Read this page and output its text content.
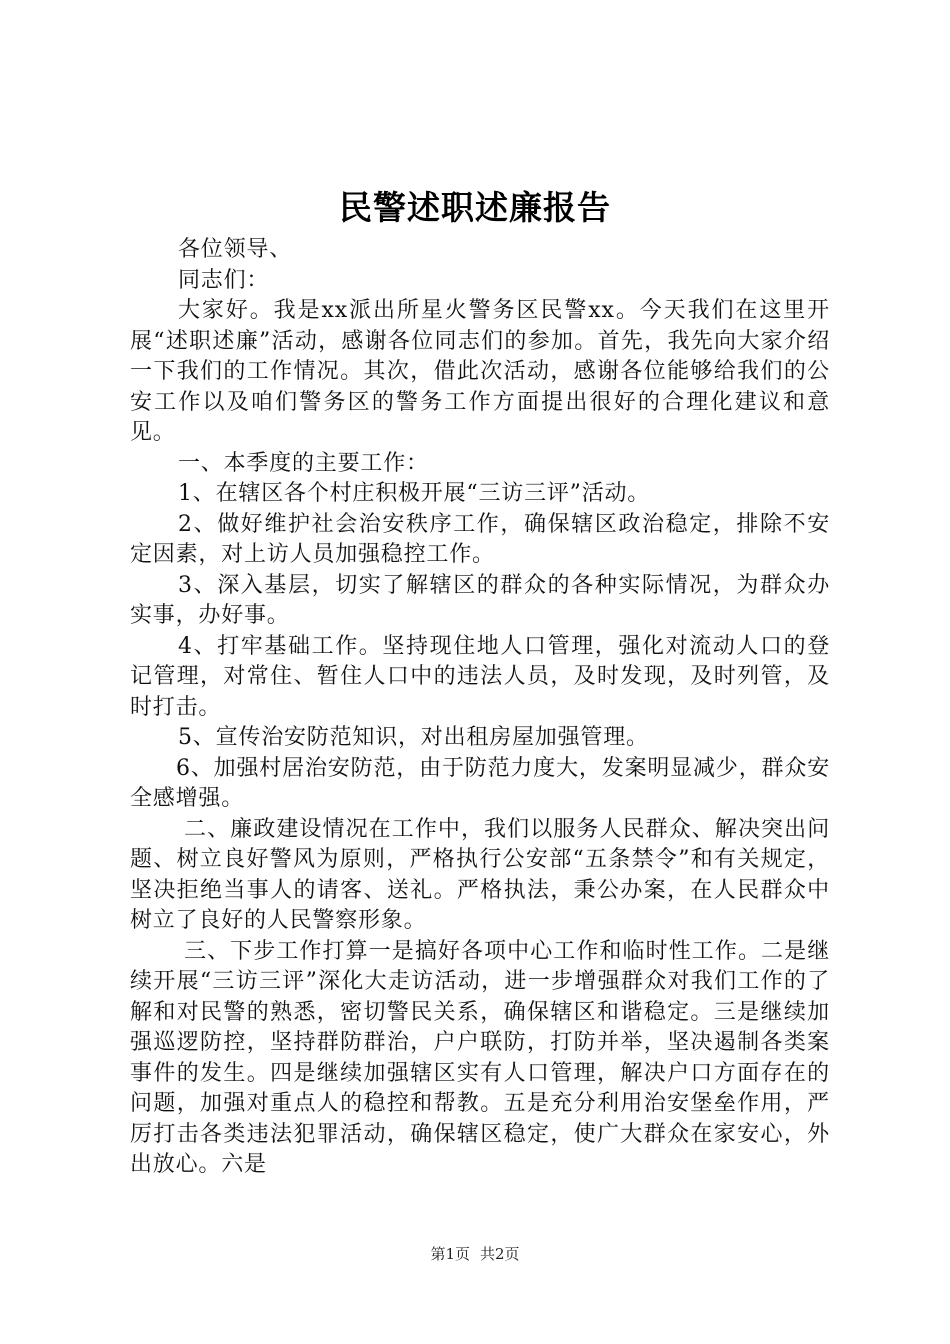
民警述职述廉报告

各位领导、

同志们：

大家好。我是xx派出所星火警务区民警xx。今天我们在这里开展“述职述廉”活动，感谢各位同志们的参加。首先，我先向大家介绍一下我们的工作情况。其次，借此次活动，感谢各位能够给我们的公安工作以及咱们警务区的警务工作方面提出很好的合理化建议和意见。

一、本季度的主要工作：

1、在辖区各个村庄积极开展“三访三评”活动。

2、做好维护社会治安秩序工作，确保辖区政治稳定，排除不安定因素，对上访人员加强稳控工作。

3、深入基层，切实了解辖区的群众的各种实际情况，为群众办实事，办好事。

4、打牢基础工作。坚持现住地人口管理，强化对流动人口的登记管理，对常住、暂住人口中的违法人员，及时发现，及时列管，及时打击。

5、宣传治安防范知识，对出租房屋加强管理。

6、加强村居治安防范，由于防范力度大，发案明显减少，群众安全感增强。

二、廉政建设情况在工作中，我们以服务人民群众、解决突出问题、树立良好警风为原则，严格执行公安部“五条禁令”和有关规定，坚决拒绝当事人的请客、送礼。严格执法，秉公办案，在人民群众中树立了良好的人民警察形象。

三、下步工作打算一是搞好各项中心工作和临时性工作。二是继续开展“三访三评”深化大走访活动，进一步增强群众对我们工作的了解和对民警的熟悉，密切警民关系，确保辖区和谐稳定。三是继续加强巡逻防控，坚持群防群治，户户联防，打防并举，坚决遏制各类案事件的发生。四是继续加强辖区实有人口管理，解决户口方面存在的问题，加强对重点人的稳控和帮教。五是充分利用治安堡垒作用，严厉打击各类违法犯罪活动，确保辖区稳定，使广大群众在家安心，外出放心。六是

第1页 共2页
